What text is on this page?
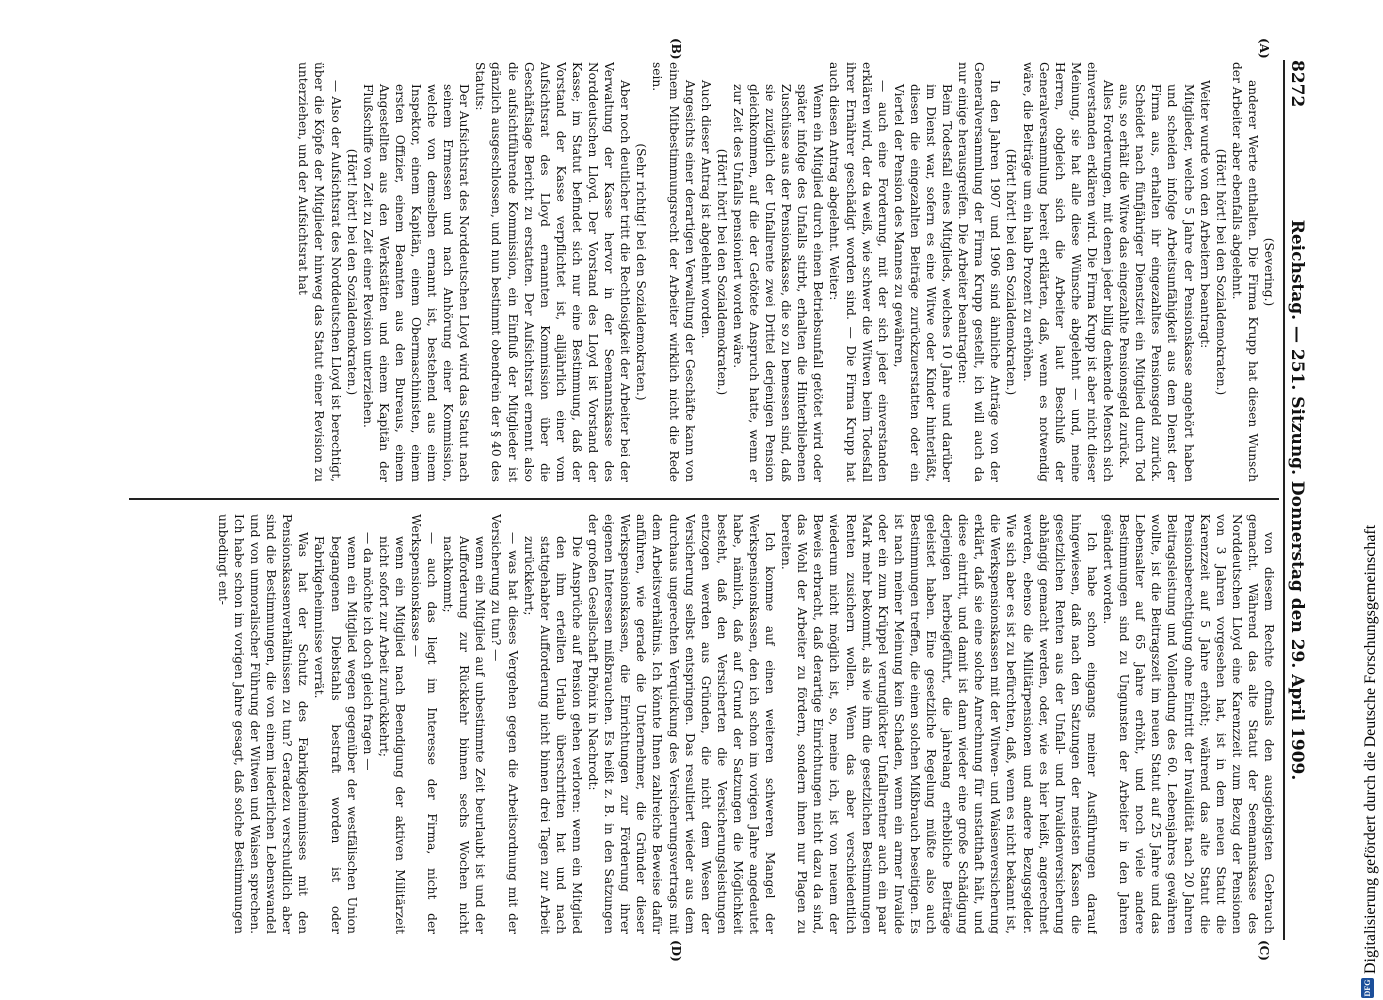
8272
Reichstag. — 251. Sitzung. Donnerstag den 29. April 1909.
(A)
(B)
(C)
(D)

(Severing.)

anderer Werte enthalten. Die Firma Krupp hat diesen Wunsch der Arbeiter aber ebenfalls abgelehnt.

(Hört! hört! bei den Sozialdemokraten.)

Weiter wurde von den Arbeitern beantragt:

Mitglieder, welche 5 Jahre der Pensionskasse angehört haben und scheiden infolge Arbeitsunfähigkeit aus dem Dienst der Firma aus, erhalten ihr eingezahltes Pensionsgeld zurück. Scheidet nach fünfjähriger Dienstzeit ein Mitglied durch Tod aus, so erhält die Witwe das eingezahlte Pensionsgeld zurück.

Alles Forderungen, mit denen jeder billig denkende Mensch sich einverstanden erklären wird. Die Firma Krupp ist aber nicht dieser Meinung, sie hat alle diese Wünsche abgelehnt — und, meine Herren, obgleich sich die Arbeiter laut Beschluß der Generalversammlung bereit erklärten, daß, wenn es notwendig wäre, die Beiträge um ein halb Prozent zu erhöhen.

(Hört! hört! bei den Sozialdemokraten.)

In den Jahren 1907 und 1906 sind ähnliche Anträge von der Generalversammlung der Firma Krupp gestellt, ich will auch da nur einige herausgreifen. Die Arbeiter beantragten:

Beim Todesfall eines Mitglieds, welches 10 Jahre und darüber im Dienst war, sofern es eine Witwe oder Kinder hinterläßt, diesen die eingezahlten Beiträge zurückzuerstatten oder ein Viertel der Pension des Mannes zu gewähren,

— auch eine Forderung, mit der sich jeder einverstanden erklären wird, der da weiß, wie schwer die Witwen beim Todesfall ihrer Ernährer geschädigt worden sind. — Die Firma Krupp hat auch diesen Antrag abgelehnt. Weiter:

Wenn ein Mitglied durch einen Betriebsunfall getötet wird oder später infolge des Unfalls stirbt, erhalten die Hinterbliebenen Zuschüsse aus der Pensionskasse, die so zu bemessen sind, daß sie zuzüglich der Unfallrente zwei Drittel derjenigen Pension gleichkommen, auf die der Getötete Anspruch hatte, wenn er zur Zeit des Unfalls pensioniert worden wäre.

(Hört! hört! bei den Sozialdemokraten.)

Auch dieser Antrag ist abgelehnt worden.

Angesichts einer derartigen Verwaltung der Geschäfte kann von einem Mitbestimmungsrecht der Arbeiter wirklich nicht die Rede sein.

(Sehr richtig! bei den Sozialdemokraten.)

Aber noch deutlicher tritt die Rechtlosigkeit der Arbeiter bei der Verwaltung der Kasse hervor in der Seemannskasse des Norddeutschen Lloyd. Der Vorstand des Lloyd ist Vorstand der Kasse; im Statut befindet sich nur eine Bestimmung, daß der Vorstand der Kasse verpflichtet ist, alljährlich einer vom Aufsichtsrat des Lloyd ernannten Kommission über die Geschäftslage Bericht zu erstatten. Der Aufsichtsrat ernennt also die aufsichtführende Kommission, ein Einfluß der Mitglieder ist gänzlich ausgeschlossen, und nun bestimmt obendrein der § 40 des Statuts:

Der Aufsichtsrat des Norddeutschen Lloyd wird das Statut nach seinem Ermessen und nach Anhörung einer Kommission, welche von demselben ernannt ist, bestehend aus einem Inspektor, einem Kapitän, einem Obermaschinisten, einem ersten Offizier, einem Beamten aus den Bureaus, einem Angestellten aus den Werkstätten und einem Kapitän der Flußschiffe von Zeit zu Zeit einer Revision unterziehen.

(Hört! hört! bei den Sozialdemokraten.)

— Also der Aufsichtsrat des Norddeutschen Lloyd ist berechtigt, über die Köpfe der Mitglieder hinweg das Statut einer Revision zu unterziehen, und der Aufsichtsrat hat

von diesem Rechte oftmals den ausgiebigsten Gebrauch gemacht. Während das alte Statut der Seemannskasse des Norddeutschen Lloyd eine Karenzzeit zum Bezug der Pensionen von 3 Jahren vorgesehen hat, ist in dem neuen Statut die Karenzzeit auf 5 Jahre erhöht; während das alte Statut die Pensionsberechtigung ohne Eintritt der Invalidität nach 20 Jahren Beitragsleistung und Vollendung des 60. Lebensjahres gewähren wollte, ist die Beitragszeit im neuen Statut auf 25 Jahre und das Lebensalter auf 65 Jahre erhöht, und noch viele andere Bestimmungen sind zu Ungunsten der Arbeiter in den Jahren geändert worden.

Ich habe schon eingangs meiner Ausführungen darauf hingewiesen, daß nach den Satzungen der meisten Kassen die gesetzlichen Renten aus der Unfall- und Invalidenversicherung abhängig gemacht werden, oder, wie es hier heißt, angerechnet werden, ebenso die Militärpensionen und andere Bezugsgelder. Wie sich aber es ist zu befürchten, daß, wenn es nicht bekannt ist, die Werkspensionskassen mit der Witwen- und Waisenversicherung erklärt, daß sie eine solche Anrechnung für unstatthaft hält, und diese eintritt, und damit ist dann wieder eine große Schädigung derjenigen herbeigeführt, die jahrelang erhebliche Beiträge geleistet haben. Eine gesetzliche Regelung müßte also auch Bestimmungen treffen, die einen solchen Mißbrauch beseitigen. Es ist nach meiner Meinung kein Schaden, wenn ein armer Invalide oder ein zum Krüppel verunglückter Unfallrentner auch ein paar Mark mehr bekommt, als wie ihm die gesetzlichen Bestimmungen Renten zusichern wollen. Wenn das aber verschiedentlich wiederum nicht möglich ist, so, meine ich, ist von neuem der Beweis erbracht, daß derartige Einrichtungen nicht dazu da sind, das Wohl der Arbeiter zu fördern, sondern ihnen nur Plagen zu bereiten.

Ich komme auf einen weiteren schweren Mangel der Werkspensionskassen, den ich schon im vorigen Jahre angedeutet habe, nämlich, daß auf Grund der Satzungen die Möglichkeit besteht, daß den Versicherten die Versicherungsleistungen entzogen werden aus Gründen, die nicht dem Wesen der Versicherung selbst entspringen. Das resultiert wieder aus dem durchaus ungerechten Verquickung des Versicherungsvertrags mit dem Arbeitsverhältnis. Ich könnte Ihnen zahlreiche Beweise dafür anführen, wie gerade die Unternehmer, die Gründer dieser Werkspensionskassen, die Einrichtungen zur Förderung ihrer eigenen Interessen mißbrauchen. Es heißt z. B. in den Satzungen der großen Gesellschaft Phönix in Nachrodt:

Die Ansprüche auf Pension gehen verloren: wenn ein Mitglied den ihm erteilten Urlaub überschritten hat und nach stattgehabter Aufforderung nicht binnen drei Tagen zur Arbeit zurückkehrt;

— was hat dieses Vergehen gegen die Arbeitsordnung mit der Versicherung zu tun? —

wenn ein Mitglied auf unbestimmte Zeit beurlaubt ist und der Aufforderung zur Rückkehr binnen sechs Wochen nicht nachkommt;

— auch das liegt im Interesse der Firma, nicht der Werkspensionskasse —

wenn ein Mitglied nach Beendigung der aktiven Militärzeit nicht sofort zur Arbeit zurückkehrt;

— da möchte ich doch gleich fragen —

wenn ein Mitglied wegen gegenüber der westfälischen Union begangenen Diebstahls bestraft worden ist oder Fabrikgeheimnisse verrät.

Was hat der Schutz des Fabrikgeheimnisses mit den Pensionskassenverhältnissen zu tun? Geradezu verschuldlich aber sind die Bestimmungen, die von einem liederlichen Lebenswandel und von unmoralischer Führung der Witwen und Waisen sprechen. Ich habe schon im vorigen Jahre gesagt, daß solche Bestimmungen unbedingt ent-

DFG
Digitalisierung gefördert durch die Deutsche Forschungsgemeinschaft
